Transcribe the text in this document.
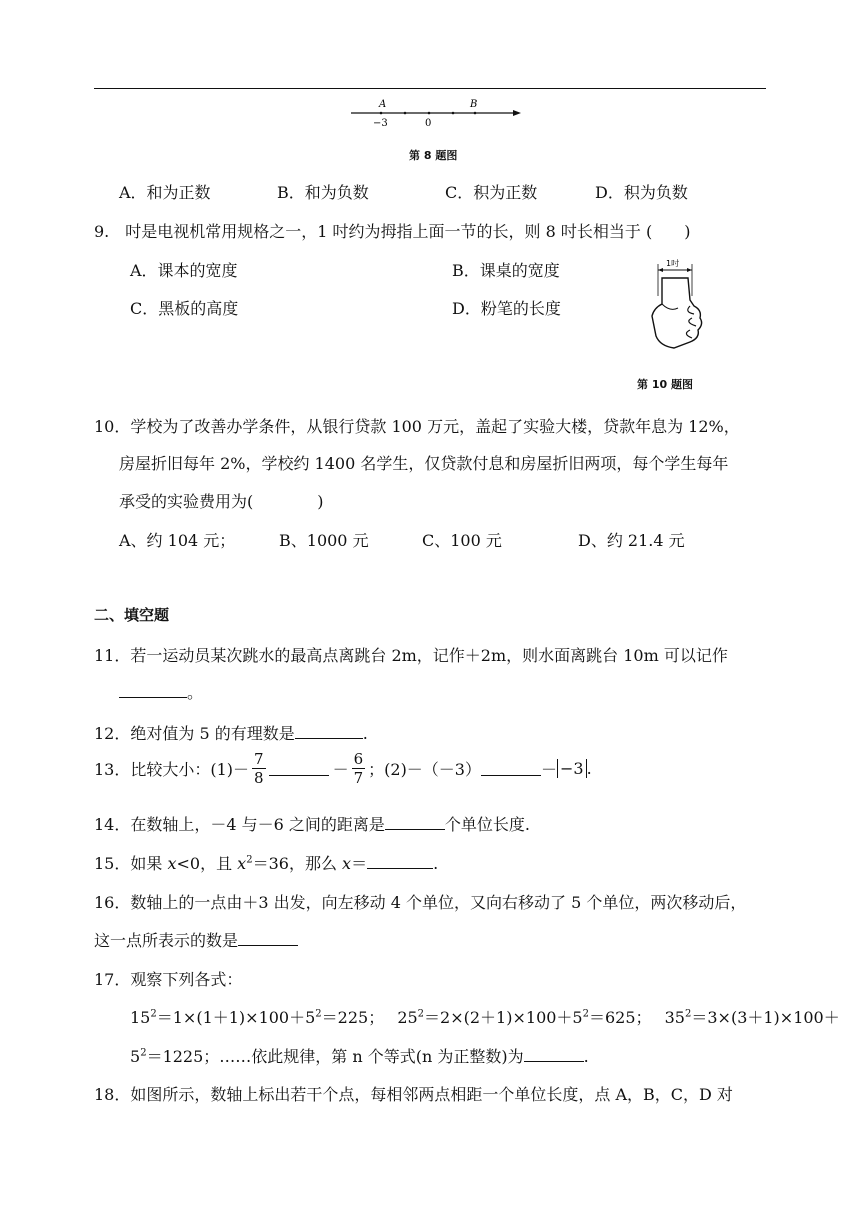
A	B
−3	0
第 8 题图
A．和为正数	B．和为负数	C．积为正数	D．积为负数
9.　吋是电视机常用规格之一，1 吋约为拇指上面一节的长，则 8 吋长相当于 (　　)
A．课本的宽度	B．课桌的宽度
C．黑板的高度	D．粉笔的长度
1吋
第 10 题图
10．学校为了改善办学条件，从银行贷款 100 万元，盖起了实验大楼，贷款年息为 12%，
房屋折旧每年 2%，学校约 1400 名学生，仅贷款付息和房屋折旧两项，每个学生每年
承受的实验费用为(　　　　)
A、约 104 元；	B、1000 元	C、100 元	D、约 21.4 元
二、填空题
11．若一运动员某次跳水的最高点离跳台 2m，记作＋2m，则水面离跳台 10m 可以记作
。
12．绝对值为 5 的有理数是	.
13．比较大小：$(1)- \frac{7}{8}$	－ $\frac{6}{7}$ ；(2)－（－3）	－ −3 .
14．在数轴上，－4 与－6 之间的距离是	个单位长度.
15．如果 x<0，且 $x^2=36$，那么 x＝	.
16．数轴上的一点由＋3 出发，向左移动 4 个单位，又向右移动了 5 个单位，两次移动后，
这一点所表示的数是
17．观察下列各式：
$15^2=1\times(1+1)\times 100+5^2=225$； $25^2=2\times(2+1)\times 100+5^2=625$； $35^2=3\times(3+1)\times 100+$
$5^2=1225$；……依此规律，第 n 个等式(n 为正整数)为	.
18．如图所示，数轴上标出若干个点，每相邻两点相距一个单位长度，点 A，B，C，D 对
